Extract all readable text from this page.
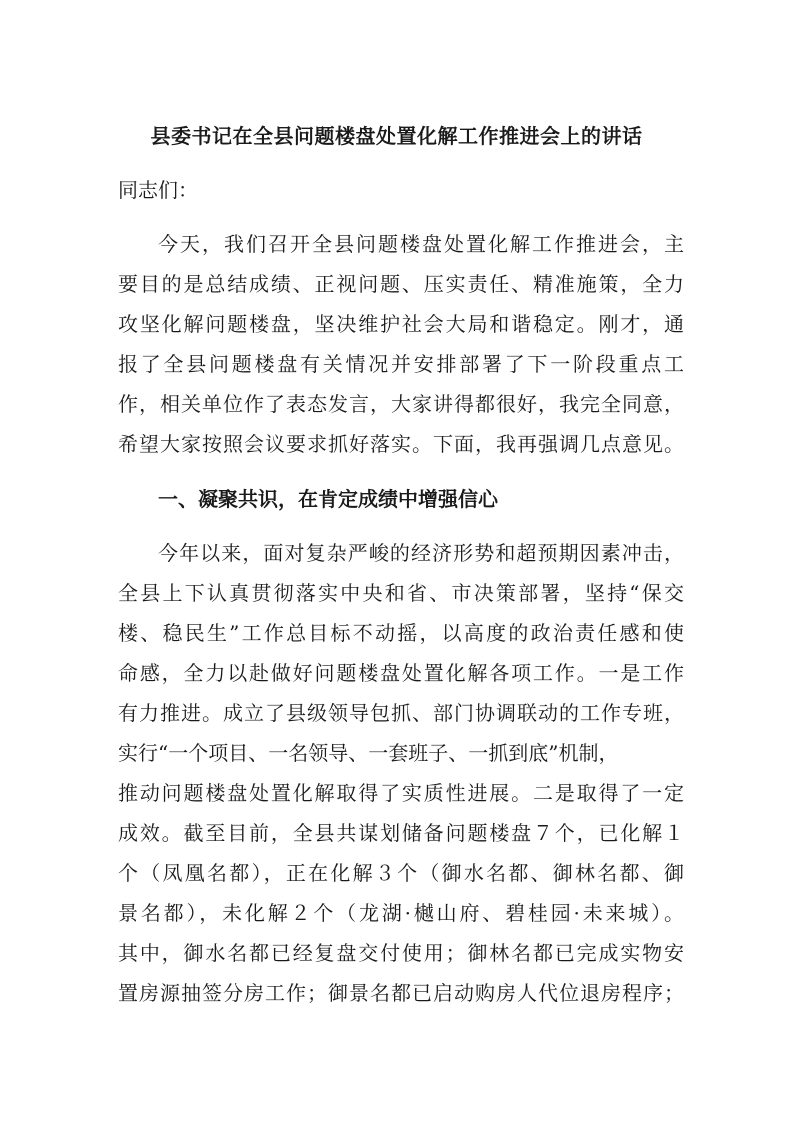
县委书记在全县问题楼盘处置化解工作推进会上的讲话
同志们：
今天，我们召开全县问题楼盘处置化解工作推进会，主
要目的是总结成绩、正视问题、压实责任、精准施策，全力
攻坚化解问题楼盘，坚决维护社会大局和谐稳定。刚才，通
报了全县问题楼盘有关情况并安排部署了下一阶段重点工
作，相关单位作了表态发言，大家讲得都很好，我完全同意，
希望大家按照会议要求抓好落实。下面，我再强调几点意见。
一、凝聚共识，在肯定成绩中增强信心
今年以来，面对复杂严峻的经济形势和超预期因素冲击，
全县上下认真贯彻落实中央和省、市决策部署，坚持“保交
楼、稳民生”工作总目标不动摇，以高度的政治责任感和使
命感，全力以赴做好问题楼盘处置化解各项工作。一是工作
有力推进。成立了县级领导包抓、部门协调联动的工作专班，
实行“一个项目、一名领导、一套班子、一抓到底”机制，
推动问题楼盘处置化解取得了实质性进展。二是取得了一定
成效。截至目前，全县共谋划储备问题楼盘７个，已化解１
个（凤凰名都），正在化解３个（御水名都、御林名都、御
景名都），未化解２个（龙湖·樾山府、碧桂园·未来城）。
其中，御水名都已经复盘交付使用；御林名都已完成实物安
置房源抽签分房工作；御景名都已启动购房人代位退房程序；
